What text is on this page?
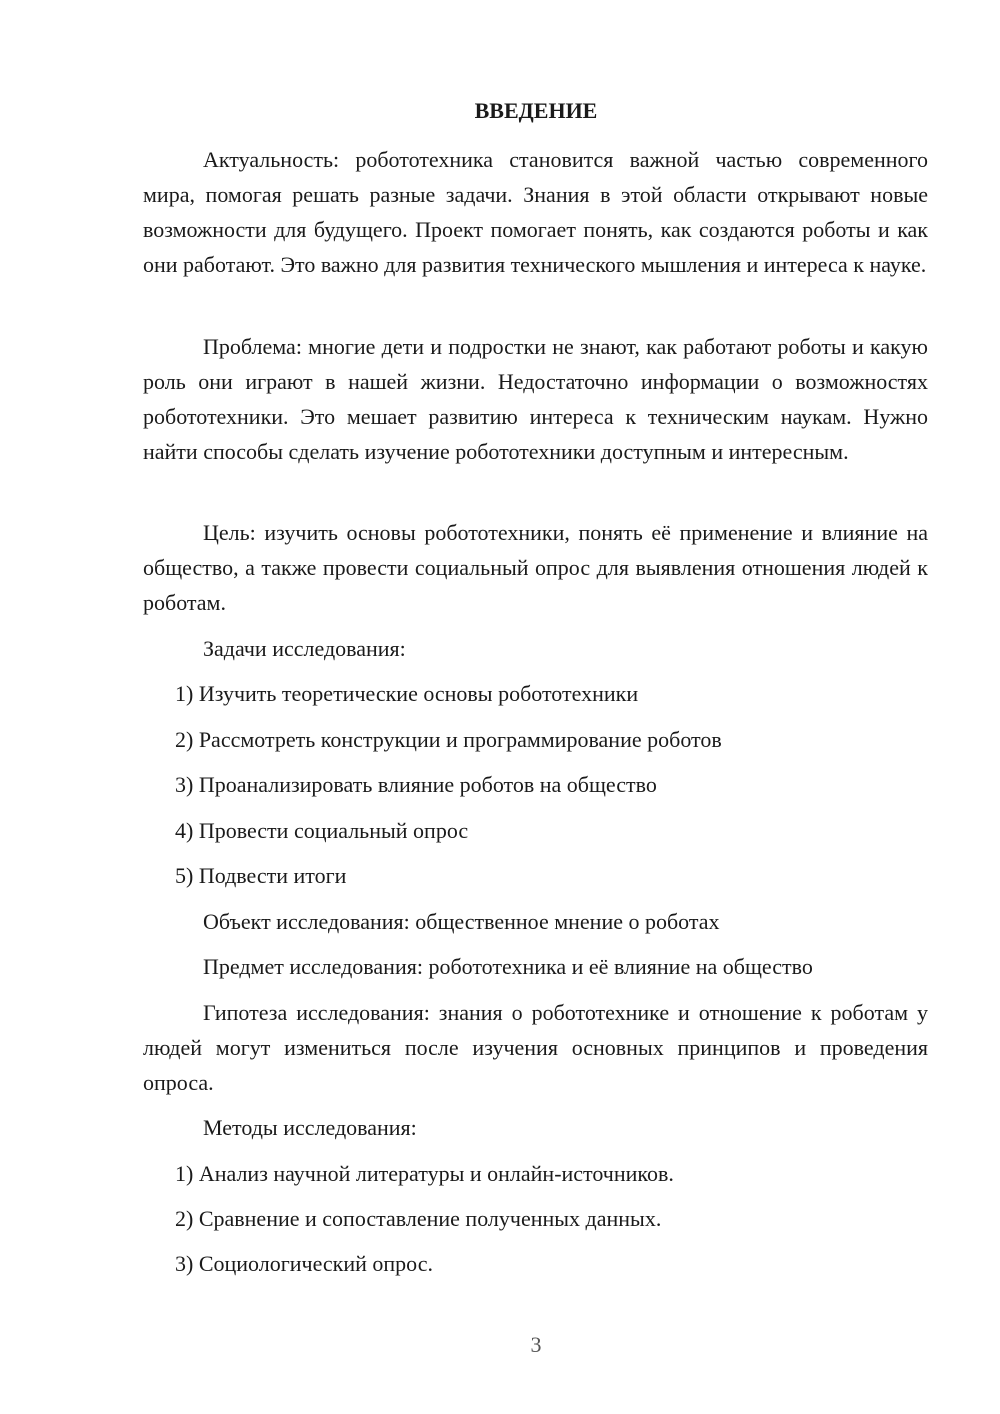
ВВЕДЕНИЕ

Актуальность: робототехника становится важной частью современного мира, помогая решать разные задачи. Знания в этой области открывают новые возможности для будущего. Проект помогает понять, как создаются роботы и как они работают. Это важно для развития технического мышления и интереса к науке.

Проблема: многие дети и подростки не знают, как работают роботы и какую роль они играют в нашей жизни. Недостаточно информации о возможностях робототехники. Это мешает развитию интереса к техническим наукам. Нужно найти способы сделать изучение робототехники доступным и интересным.

Цель: изучить основы робототехники, понять её применение и влияние на общество, а также провести социальный опрос для выявления отношения людей к роботам.

Задачи исследования:

1) Изучить теоретические основы робототехники

2) Рассмотреть конструкции и программирование роботов

3) Проанализировать влияние роботов на общество

4) Провести социальный опрос

5) Подвести итоги

Объект исследования: общественное мнение о роботах

Предмет исследования: робототехника и её влияние на общество

Гипотеза исследования: знания о робототехнике и отношение к роботам у людей могут измениться после изучения основных принципов и проведения опроса.

Методы исследования:

1) Анализ научной литературы и онлайн-источников.

2) Сравнение и сопоставление полученных данных.

3) Социологический опрос.

3
